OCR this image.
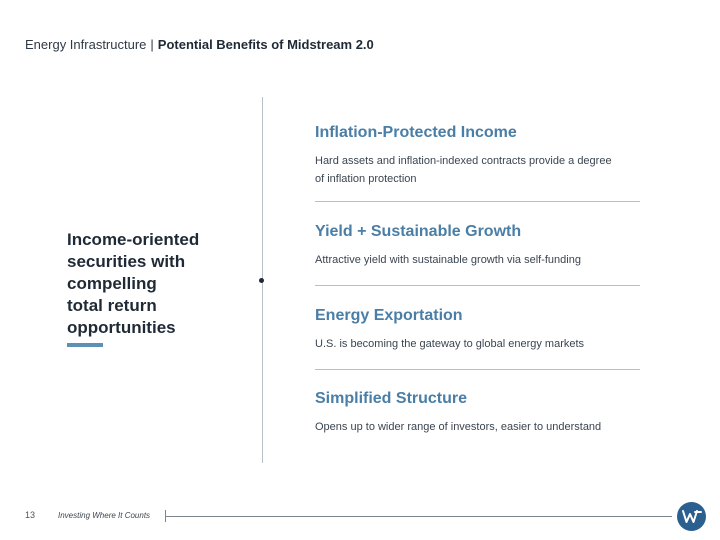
Energy Infrastructure | Potential Benefits of Midstream 2.0
Income-oriented
securities with
compelling
total return
opportunities
Inflation-Protected Income
Hard assets and inflation-indexed contracts provide a degree of inflation protection
Yield + Sustainable Growth
Attractive yield with sustainable growth via self-funding
Energy Exportation
U.S. is becoming the gateway to global energy markets
Simplified Structure
Opens up to wider range of investors, easier to understand
13	Investing Where It Counts
